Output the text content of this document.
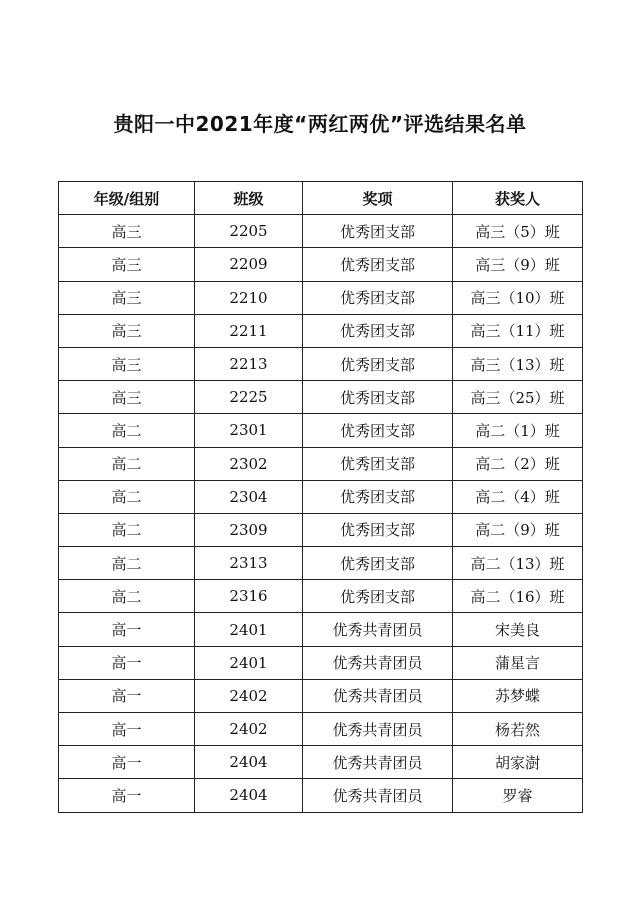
贵阳一中2021年度“两红两优”评选结果名单
年级/组别	班级	奖项	获奖人
高三	2205	优秀团支部	高三（5）班
高三	2209	优秀团支部	高三（9）班
高三	2210	优秀团支部	高三（10）班
高三	2211	优秀团支部	高三（11）班
高三	2213	优秀团支部	高三（13）班
高三	2225	优秀团支部	高三（25）班
高二	2301	优秀团支部	高二（1）班
高二	2302	优秀团支部	高二（2）班
高二	2304	优秀团支部	高二（4）班
高二	2309	优秀团支部	高二（9）班
高二	2313	优秀团支部	高二（13）班
高二	2316	优秀团支部	高二（16）班
高一	2401	优秀共青团员	宋美良
高一	2401	优秀共青团员	蒲星言
高一	2402	优秀共青团员	苏梦蝶
高一	2402	优秀共青团员	杨若然
高一	2404	优秀共青团员	胡家澍
高一	2404	优秀共青团员	罗睿
